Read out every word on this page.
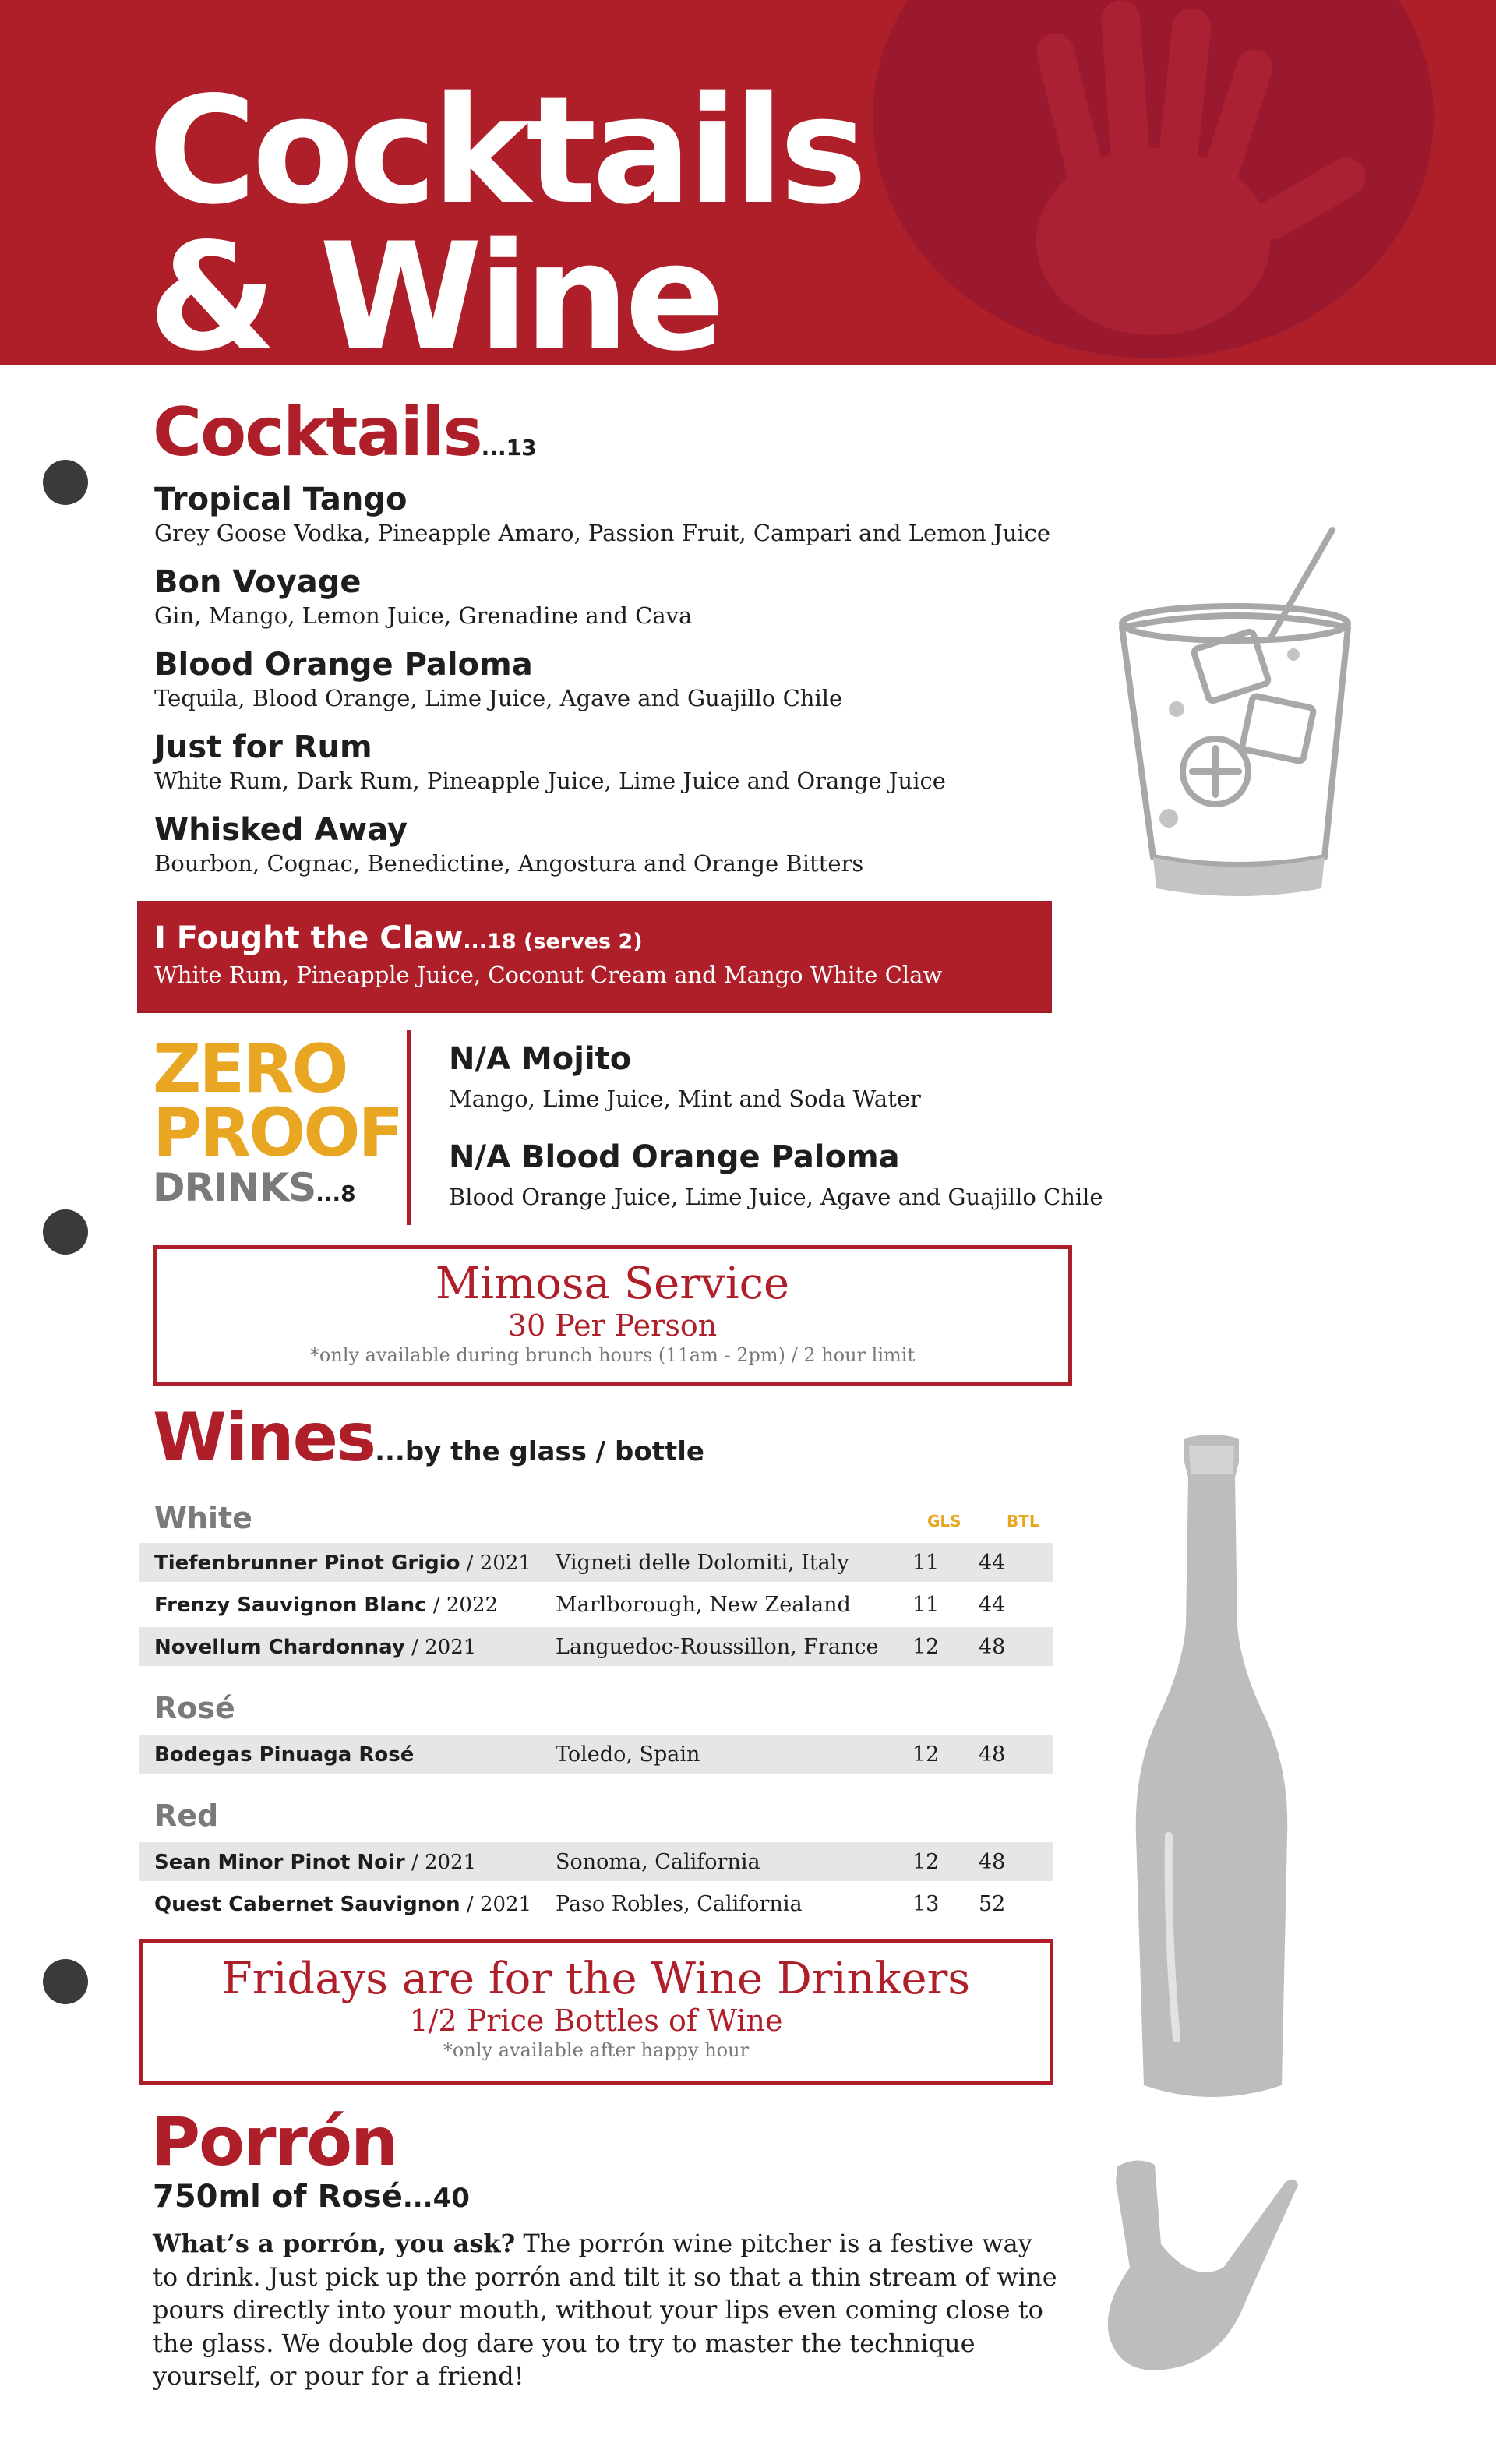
Cocktails
& Wine
Cocktails...13
Tropical Tango
Grey Goose Vodka, Pineapple Amaro, Passion Fruit, Campari and Lemon Juice
Bon Voyage
Gin, Mango, Lemon Juice, Grenadine and Cava
Blood Orange Paloma
Tequila, Blood Orange, Lime Juice, Agave and Guajillo Chile
Just for Rum
White Rum, Dark Rum, Pineapple Juice, Lime Juice and Orange Juice
Whisked Away
Bourbon, Cognac, Benedictine, Angostura and Orange Bitters
I Fought the Claw...18 (serves 2)
White Rum, Pineapple Juice, Coconut Cream and Mango White Claw
ZERO
PROOF
DRINKS...8
N/A Mojito
Mango, Lime Juice, Mint and Soda Water
N/A Blood Orange Paloma
Blood Orange Juice, Lime Juice, Agave and Guajillo Chile
Mimosa Service
30 Per Person
*only available during brunch hours (11am - 2pm) / 2 hour limit
Wines...by the glass / bottle
White	GLS	BTL
Tiefenbrunner Pinot Grigio / 2021	Vigneti delle Dolomiti, Italy	11	44
Frenzy Sauvignon Blanc / 2022	Marlborough, New Zealand	11	44
Novellum Chardonnay / 2021	Languedoc-Roussillon, France	12	48
Rosé
Bodegas Pinuaga Rosé	Toledo, Spain	12	48
Red
Sean Minor Pinot Noir / 2021	Sonoma, California	12	48
Quest Cabernet Sauvignon / 2021	Paso Robles, California	13	52
Fridays are for the Wine Drinkers
1/2 Price Bottles of Wine
*only available after happy hour
Porrón
750ml of Rosé...40
What’s a porrón, you ask? The porrón wine pitcher is a festive way to drink. Just pick up the porrón and tilt it so that a thin stream of wine pours directly into your mouth, without your lips even coming close to the glass. We double dog dare you to try to master the technique yourself, or pour for a friend!
